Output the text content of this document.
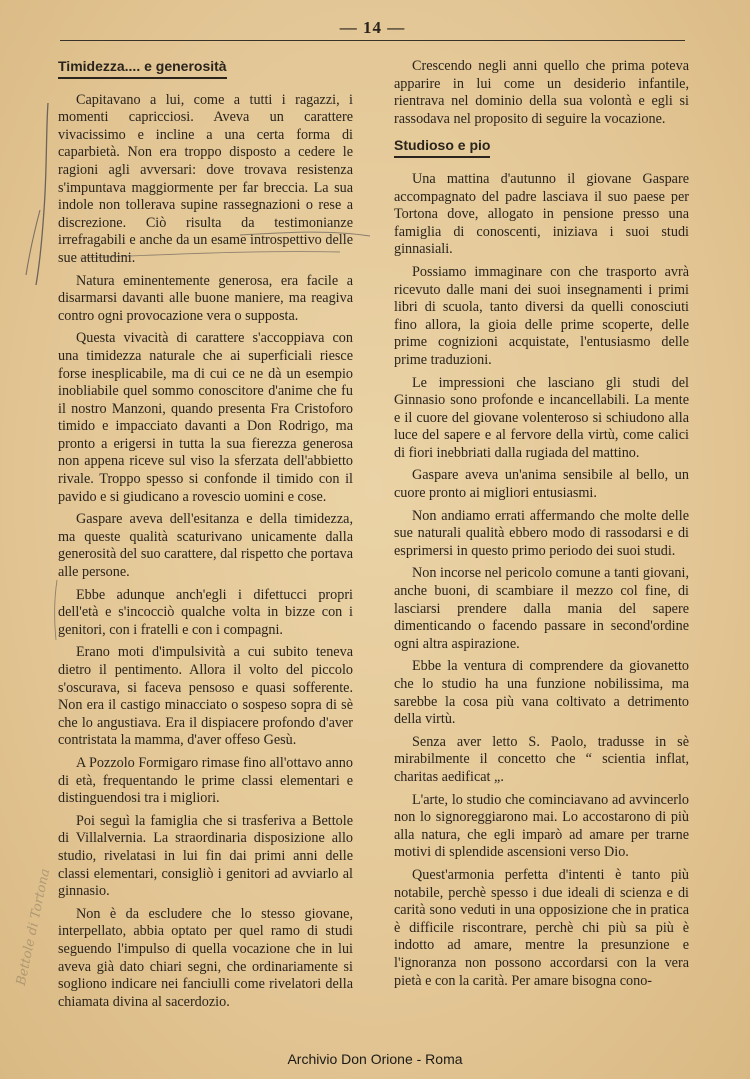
— 14 —
Bettole di Tortona
Timidezza.... e generosità

Capitavano a lui, come a tutti i ragazzi, i momenti capricciosi. Aveva un carattere vivacissimo e incline a una certa forma di caparbietà. Non era troppo disposto a cedere le ragioni agli avversari: dove trovava resistenza s'impuntava maggiormente per far breccia. La sua indole non tollerava supine rassegnazioni o rese a discrezione. Ciò risulta da testimonianze irrefragabili e anche da un esame introspettivo delle sue attitudini.

Natura eminentemente generosa, era facile a disarmarsi davanti alle buone maniere, ma reagiva contro ogni provocazione vera o supposta.

Questa vivacità di carattere s'accoppiava con una timidezza naturale che ai superficiali riesce forse inesplicabile, ma di cui ce ne dà un esempio inobliabile quel sommo conoscitore d'anime che fu il nostro Manzoni, quando presenta Fra Cristoforo timido e impacciato davanti a Don Rodrigo, ma pronto a erigersi in tutta la sua fierezza generosa non appena riceve sul viso la sferzata dell'abbietto rivale. Troppo spesso si confonde il timido con il pavido e si giudicano a rovescio uomini e cose.

Gaspare aveva dell'esitanza e della timidezza, ma queste qualità scaturivano unicamente dalla generosità del suo carattere, dal rispetto che portava alle persone.

Ebbe adunque anch'egli i difettucci propri dell'età e s'incocciò qualche volta in bizze con i genitori, con i fratelli e con i compagni.

Erano moti d'impulsività a cui subito teneva dietro il pentimento. Allora il volto del piccolo s'oscurava, si faceva pensoso e quasi sofferente. Non era il castigo minacciato o sospeso sopra di sè che lo angustiava. Era il dispiacere profondo d'aver contristata la mamma, d'aver offeso Gesù.

A Pozzolo Formigaro rimase fino all'ottavo anno di età, frequentando le prime classi elementari e distinguendosi tra i migliori.

Poi seguì la famiglia che si trasferiva a Bettole di Villalvernia. La straordinaria disposizione allo studio, rivelatasi in lui fin dai primi anni delle classi elementari, consigliò i genitori ad avviarlo al ginnasio.

Non è da escludere che lo stesso giovane, interpellato, abbia optato per quel ramo di studi seguendo l'impulso di quella vocazione che in lui aveva già dato chiari segni, che ordinariamente si sogliono indicare nei fanciulli come rivelatori della chiamata divina al sacerdozio.

Crescendo negli anni quello che prima poteva apparire in lui come un desiderio infantile, rientrava nel dominio della sua volontà e egli si rassodava nel proposito di seguire la vocazione.

Studioso e pio

Una mattina d'autunno il giovane Gaspare accompagnato del padre lasciava il suo paese per Tortona dove, allogato in pensione presso una famiglia di conoscenti, iniziava i suoi studi ginnasiali.

Possiamo immaginare con che trasporto avrà ricevuto dalle mani dei suoi insegnamenti i primi libri di scuola, tanto diversi da quelli conosciuti fino allora, la gioia delle prime scoperte, delle prime cognizioni acquistate, l'entusiasmo delle prime traduzioni.

Le impressioni che lasciano gli studi del Ginnasio sono profonde e incancellabili. La mente e il cuore del giovane volenteroso si schiudono alla luce del sapere e al fervore della virtù, come calici di fiori inebbriati dalla rugiada del mattino.

Gaspare aveva un'anima sensibile al bello, un cuore pronto ai migliori entusiasmi.

Non andiamo errati affermando che molte delle sue naturali qualità ebbero modo di rassodarsi e di esprimersi in questo primo periodo dei suoi studi.

Non incorse nel pericolo comune a tanti giovani, anche buoni, di scambiare il mezzo col fine, di lasciarsi prendere dalla mania del sapere dimenticando o facendo passare in second'ordine ogni altra aspirazione.

Ebbe la ventura di comprendere da giovanetto che lo studio ha una funzione nobilissima, ma sarebbe la cosa più vana coltivato a detrimento della virtù.

Senza aver letto S. Paolo, tradusse in sè mirabilmente il concetto che “ scientia inflat, charitas aedificat „.

L'arte, lo studio che cominciavano ad avvincerlo non lo signoreggiarono mai. Lo accostarono di più alla natura, che egli imparò ad amare per trarne motivi di splendide ascensioni verso Dio.

Quest'armonia perfetta d'intenti è tanto più notabile, perchè spesso i due ideali di scienza e di carità sono veduti in una opposizione che in pratica è difficile riscontrare, perchè chi più sa più è indotto ad amare, mentre la presunzione e l'ignoranza non possono accordarsi con la vera pietà e con la carità. Per amare bisogna cono-

Archivio Don Orione - Roma
